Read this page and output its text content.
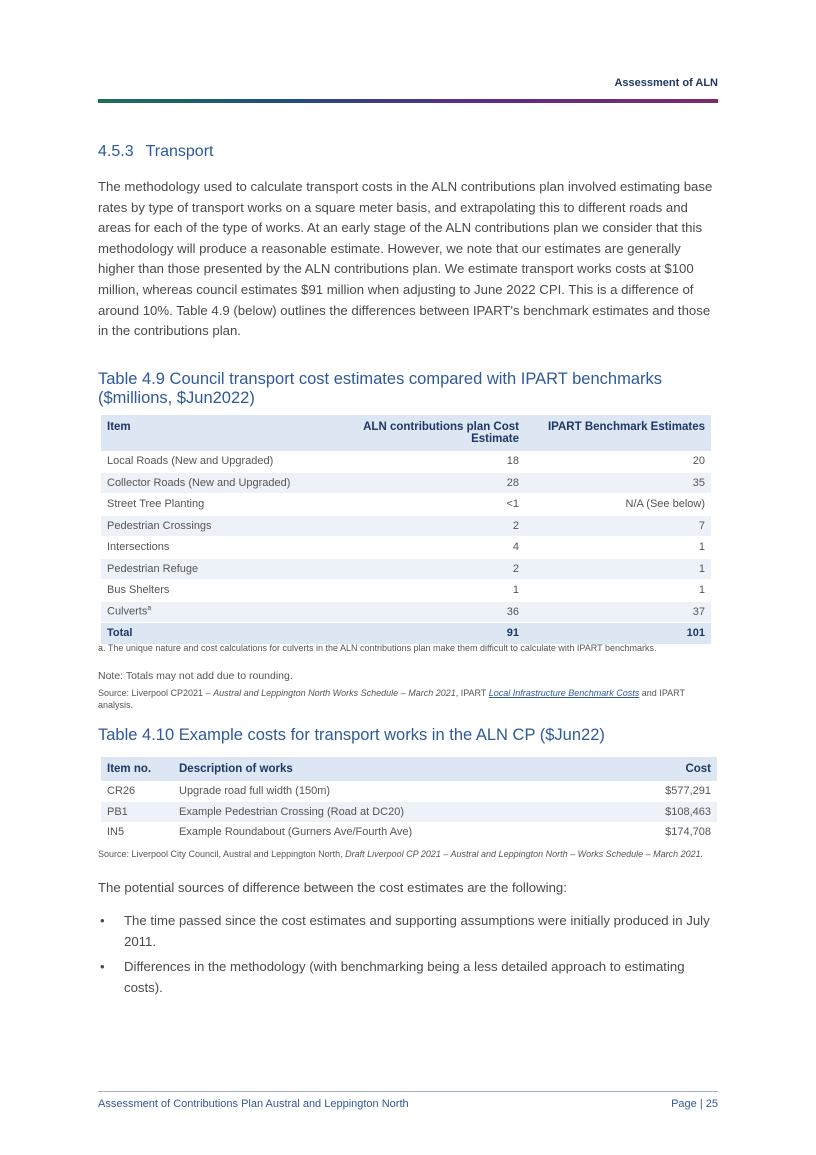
Assessment of ALN
4.5.3 Transport
The methodology used to calculate transport costs in the ALN contributions plan involved estimating base rates by type of transport works on a square meter basis, and extrapolating this to different roads and areas for each of the type of works. At an early stage of the ALN contributions plan we consider that this methodology will produce a reasonable estimate. However, we note that our estimates are generally higher than those presented by the ALN contributions plan. We estimate transport works costs at $100 million, whereas council estimates $91 million when adjusting to June 2022 CPI. This is a difference of around 10%. Table 4.9 (below) outlines the differences between IPART's benchmark estimates and those in the contributions plan.
Table 4.9 Council transport cost estimates compared with IPART benchmarks ($millions, $Jun2022)
Item	ALN contributions plan Cost Estimate	IPART Benchmark Estimates
Local Roads (New and Upgraded)	18	20
Collector Roads (New and Upgraded)	28	35
Street Tree Planting	<1	N/A (See below)
Pedestrian Crossings	2	7
Intersections	4	1
Pedestrian Refuge	2	1
Bus Shelters	1	1
Culverts$^a$	36	37
Total	91	101
a. The unique nature and cost calculations for culverts in the ALN contributions plan make them difficult to calculate with IPART benchmarks.
Note: Totals may not add due to rounding.
Source: Liverpool CP2021 – Austral and Leppington North Works Schedule – March 2021, IPART Local Infrastructure Benchmark Costs and IPART analysis.
Table 4.10 Example costs for transport works in the ALN CP ($Jun22)
Item no.	Description of works	Cost
CR26	Upgrade road full width (150m)	$577,291
PB1	Example Pedestrian Crossing (Road at DC20)	$108,463
IN5	Example Roundabout (Gurners Ave/Fourth Ave)	$174,708
Source: Liverpool City Council, Austral and Leppington North, Draft Liverpool CP 2021 – Austral and Leppington North – Works Schedule – March 2021.
The potential sources of difference between the cost estimates are the following:
• The time passed since the cost estimates and supporting assumptions were initially produced in July 2011.
• Differences in the methodology (with benchmarking being a less detailed approach to estimating costs).
Assessment of Contributions Plan Austral and Leppington North	Page | 25
